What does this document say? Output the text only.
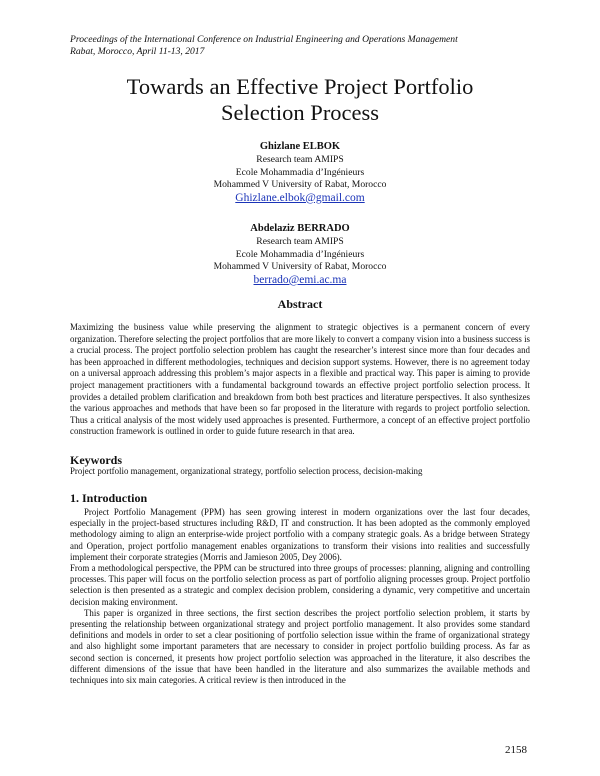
Proceedings of the International Conference on Industrial Engineering and Operations Management
Rabat, Morocco, April 11-13, 2017
Towards an Effective Project Portfolio
Selection Process
Ghizlane ELBOK
Research team AMIPS
Ecole Mohammadia d’Ingénieurs
Mohammed V University of Rabat, Morocco
Ghizlane.elbok@gmail.com
Abdelaziz BERRADO
Research team AMIPS
Ecole Mohammadia d’Ingénieurs
Mohammed V University of Rabat, Morocco
berrado@emi.ac.ma
Abstract
Maximizing the business value while preserving the alignment to strategic objectives is a permanent concern of every organization. Therefore selecting the project portfolios that are more likely to convert a company vision into a business success is a crucial process. The project portfolio selection problem has caught the researcher’s interest since more than four decades and has been approached in different methodologies, techniques and decision support systems. However, there is no agreement today on a universal approach addressing this problem’s major aspects in a flexible and practical way. This paper is aiming to provide project management practitioners with a fundamental background towards an effective project portfolio selection process. It provides a detailed problem clarification and breakdown from both best practices and literature perspectives. It also synthesizes the various approaches and methods that have been so far proposed in the literature with regards to project portfolio selection. Thus a critical analysis of the most widely used approaches is presented. Furthermore, a concept of an effective project portfolio construction framework is outlined in order to guide future research in that area.
Keywords
Project portfolio management, organizational strategy, portfolio selection process, decision-making
1. Introduction

Project Portfolio Management (PPM) has seen growing interest in modern organizations over the last four decades, especially in the project-based structures including R&D, IT and construction. It has been adopted as the commonly employed methodology aiming to align an enterprise-wide project portfolio with a company strategic goals. As a bridge between Strategy and Operation, project portfolio management enables organizations to transform their visions into realities and successfully implement their corporate strategies (Morris and Jamieson 2005, Dey 2006).

From a methodological perspective, the PPM can be structured into three groups of processes: planning, aligning and controlling processes. This paper will focus on the portfolio selection process as part of portfolio aligning processes group. Project portfolio selection is then presented as a strategic and complex decision problem, considering a dynamic, very competitive and uncertain decision making environment.

This paper is organized in three sections, the first section describes the project portfolio selection problem, it starts by presenting the relationship between organizational strategy and project portfolio management. It also provides some standard definitions and models in order to set a clear positioning of portfolio selection issue within the frame of organizational strategy and also highlight some important parameters that are necessary to consider in project portfolio building process. As far as second section is concerned, it presents how project portfolio selection was approached in the literature, it also describes the different dimensions of the issue that have been handled in the literature and also summarizes the available methods and techniques into six main categories. A critical review is then introduced in the

2158
